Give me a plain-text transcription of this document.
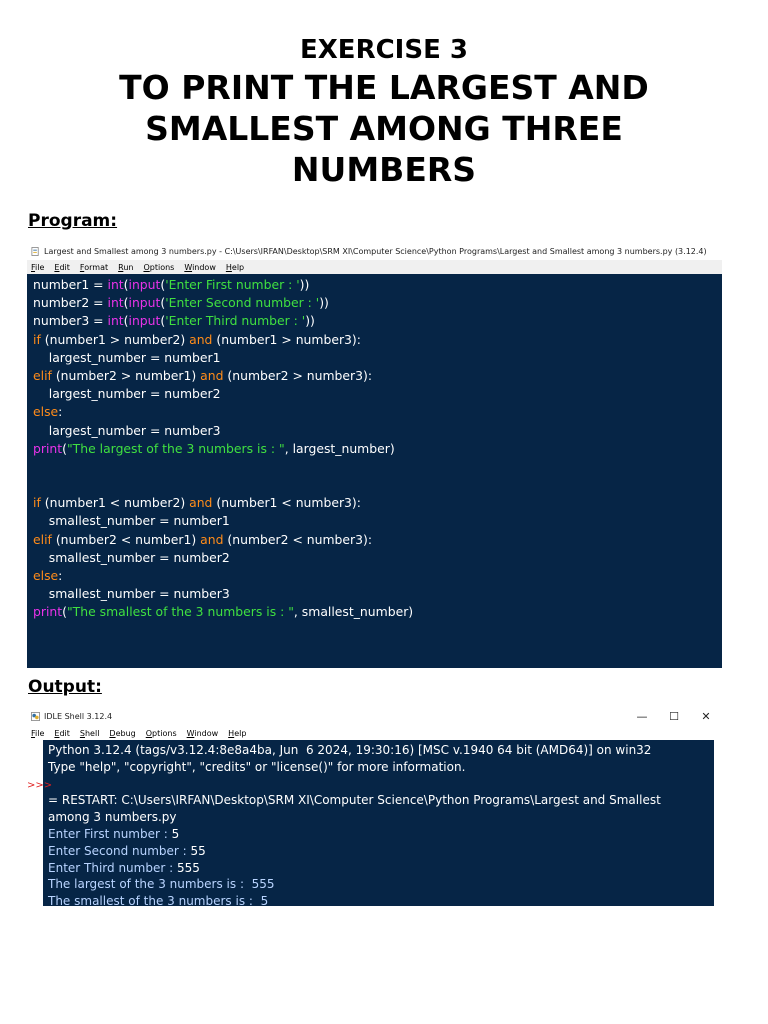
EXERCISE 3
TO PRINT THE LARGEST AND
SMALLEST AMONG THREE
NUMBERS
Program:
Largest and Smallest among 3 numbers.py - C:\Users\IRFAN\Desktop\SRM XI\Computer Science\Python Programs\Largest and Smallest among 3 numbers.py (3.12.4)
File Edit Format Run Options Window Help
number1 = int(input('Enter First number : '))
number2 = int(input('Enter Second number : '))
number3 = int(input('Enter Third number : '))
if (number1 > number2) and (number1 > number3):
largest_number = number1
elif (number2 > number1) and (number2 > number3):
largest_number = number2
else:
largest_number = number3
print("The largest of the 3 numbers is : ", largest_number)

if (number1 < number2) and (number1 < number3):
smallest_number = number1
elif (number2 < number1) and (number2 < number3):
smallest_number = number2
else:
smallest_number = number3
print("The smallest of the 3 numbers is : ", smallest_number)
Output:
IDLE Shell 3.12.4	—	☐	✕
File Edit Shell Debug Options Window Help
>>>
Python 3.12.4 (tags/v3.12.4:8e8a4ba, Jun  6 2024, 19:30:16) [MSC v.1940 64 bit (AMD64)] on win32
Type "help", "copyright", "credits" or "license()" for more information.
= RESTART: C:\Users\IRFAN\Desktop\SRM XI\Computer Science\Python Programs\Largest and Smallest
among 3 numbers.py
Enter First number : 5
Enter Second number : 55
Enter Third number : 555
The largest of the 3 numbers is :  555
The smallest of the 3 numbers is :  5
